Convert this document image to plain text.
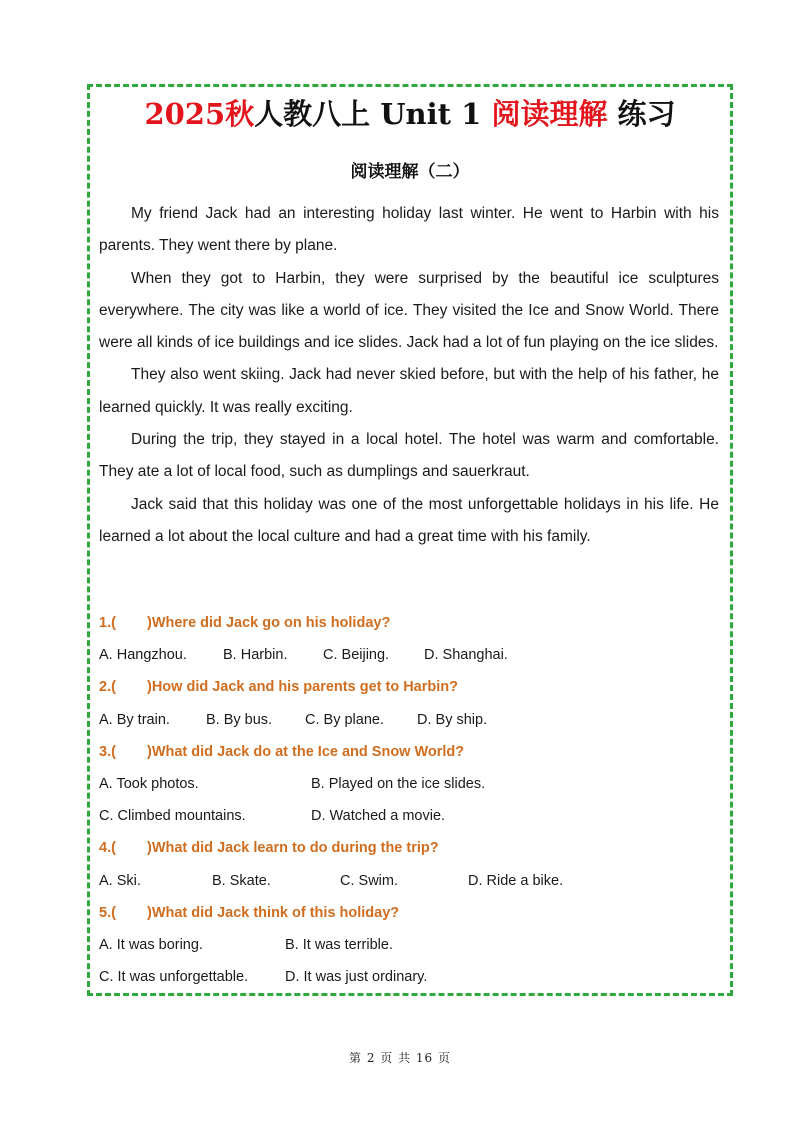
2025秋人教八上 Unit 1 阅读理解 练习
阅读理解（二）

My friend Jack had an interesting holiday last winter. He went to Harbin with his parents. They went there by plane.

When they got to Harbin, they were surprised by the beautiful ice sculptures everywhere. The city was like a world of ice. They visited the Ice and Snow World. There were all kinds of ice buildings and ice slides. Jack had a lot of fun playing on the ice slides.

They also went skiing. Jack had never skied before, but with the help of his father, he learned quickly. It was really exciting.

During the trip, they stayed in a local hotel. The hotel was warm and comfortable. They ate a lot of local food, such as dumplings and sauerkraut.

Jack said that this holiday was one of the most unforgettable holidays in his life. He learned a lot about the local culture and had a great time with his family.

1.( )Where did Jack go on his holiday?
A. Hangzhou. B. Harbin. C. Beijing. D. Shanghai.
2.( )How did Jack and his parents get to Harbin?
A. By train. B. By bus. C. By plane. D. By ship.
3.( )What did Jack do at the Ice and Snow World?
A. Took photos.	B. Played on the ice slides.
C. Climbed mountains.	D. Watched a movie.
4.( )What did Jack learn to do during the trip?
A. Ski.	B. Skate.	C. Swim.	D. Ride a bike.
5.( )What did Jack think of this holiday?
A. It was boring.	B. It was terrible.
C. It was unforgettable.	D. It was just ordinary.
第 2 页 共 16 页
